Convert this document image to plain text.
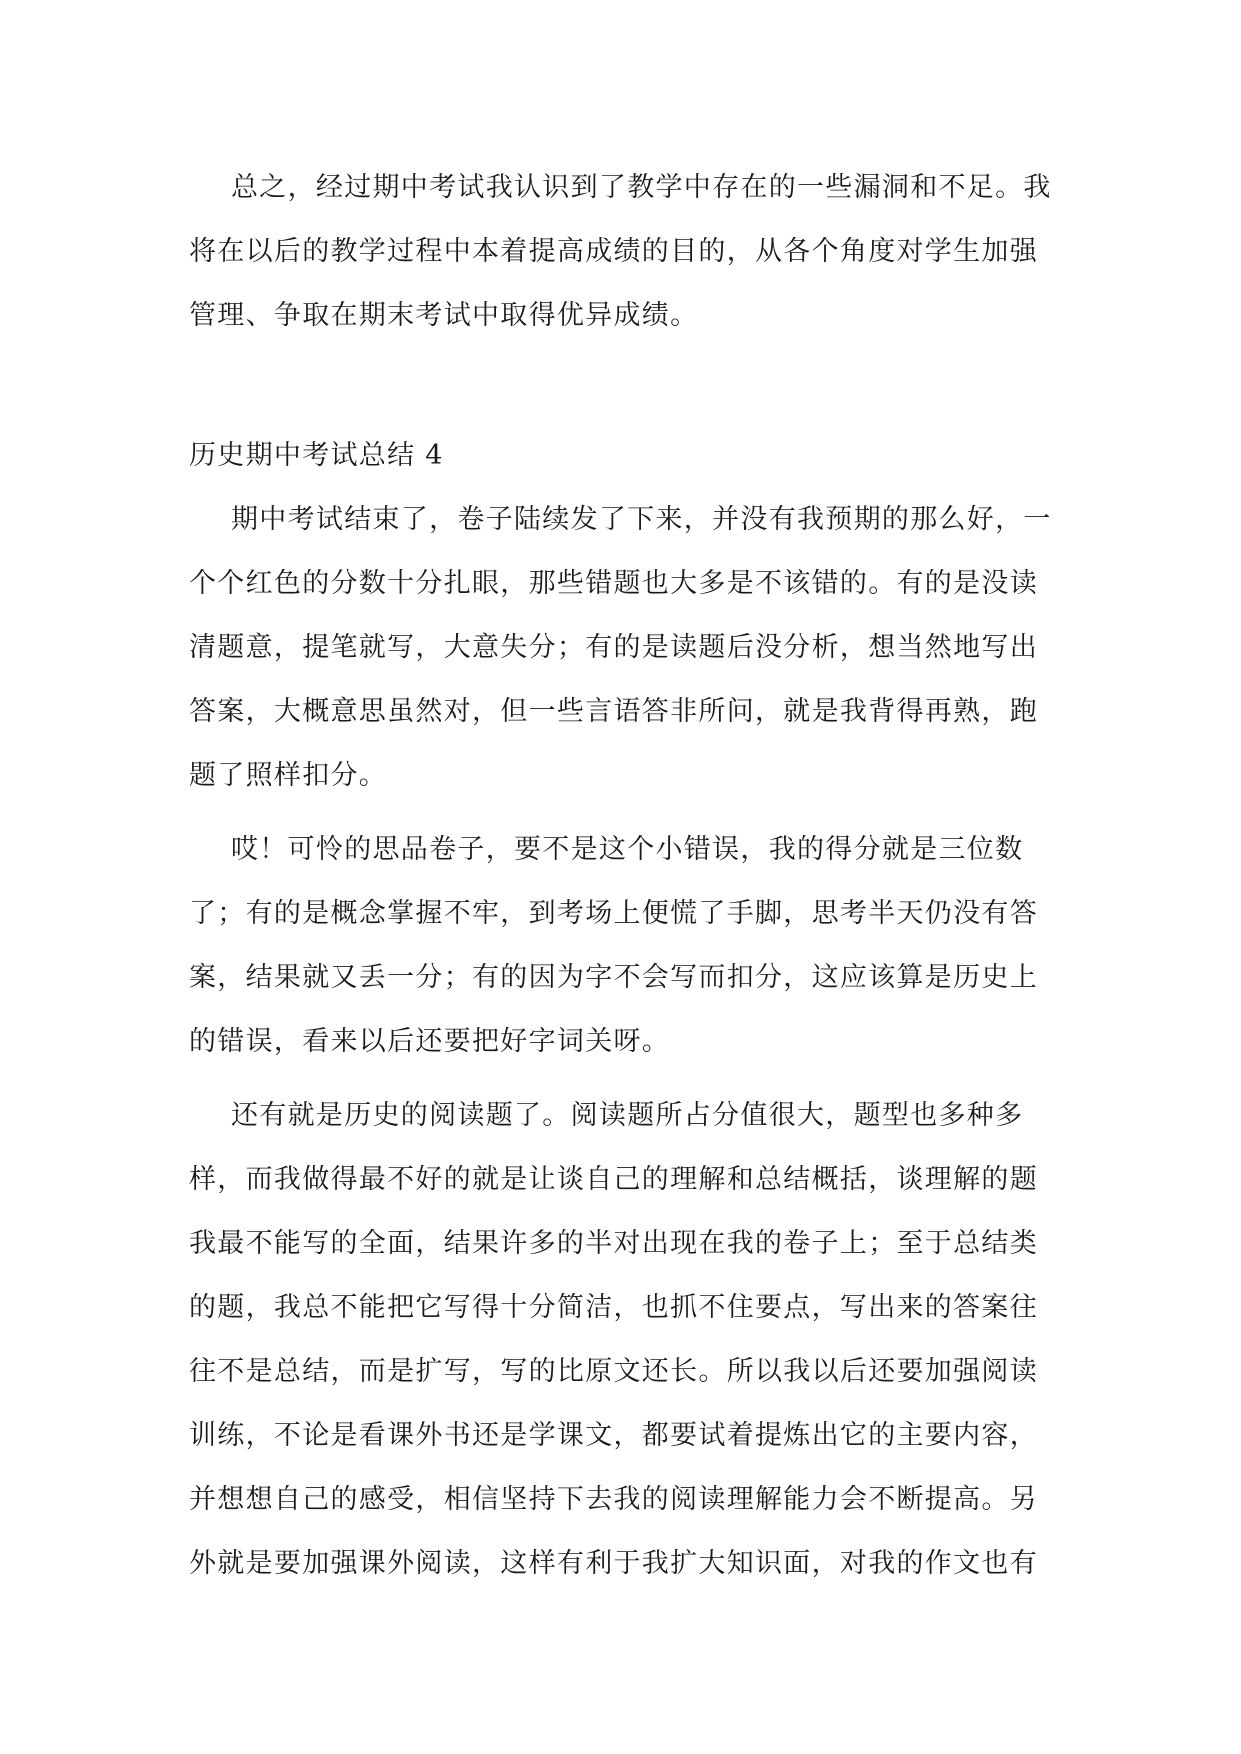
总之，经过期中考试我认识到了教学中存在的一些漏洞和不足。我将在以后的教学过程中本着提高成绩的目的，从各个角度对学生加强管理、争取在期末考试中取得优异成绩。

历史期中考试总结 4

期中考试结束了，卷子陆续发了下来，并没有我预期的那么好，一个个红色的分数十分扎眼，那些错题也大多是不该错的。有的是没读清题意，提笔就写，大意失分；有的是读题后没分析，想当然地写出答案，大概意思虽然对，但一些言语答非所问，就是我背得再熟，跑题了照样扣分。

哎！可怜的思品卷子，要不是这个小错误，我的得分就是三位数了；有的是概念掌握不牢，到考场上便慌了手脚，思考半天仍没有答案，结果就又丢一分；有的因为字不会写而扣分，这应该算是历史上的错误，看来以后还要把好字词关呀。

还有就是历史的阅读题了。阅读题所占分值很大，题型也多种多样，而我做得最不好的就是让谈自己的理解和总结概括，谈理解的题我最不能写的全面，结果许多的半对出现在我的卷子上；至于总结类的题，我总不能把它写得十分简洁，也抓不住要点，写出来的答案往往不是总结，而是扩写，写的比原文还长。所以我以后还要加强阅读训练，不论是看课外书还是学课文，都要试着提炼出它的主要内容，并想想自己的感受，相信坚持下去我的阅读理解能力会不断提高。另外就是要加强课外阅读，这样有利于我扩大知识面，对我的作文也有
